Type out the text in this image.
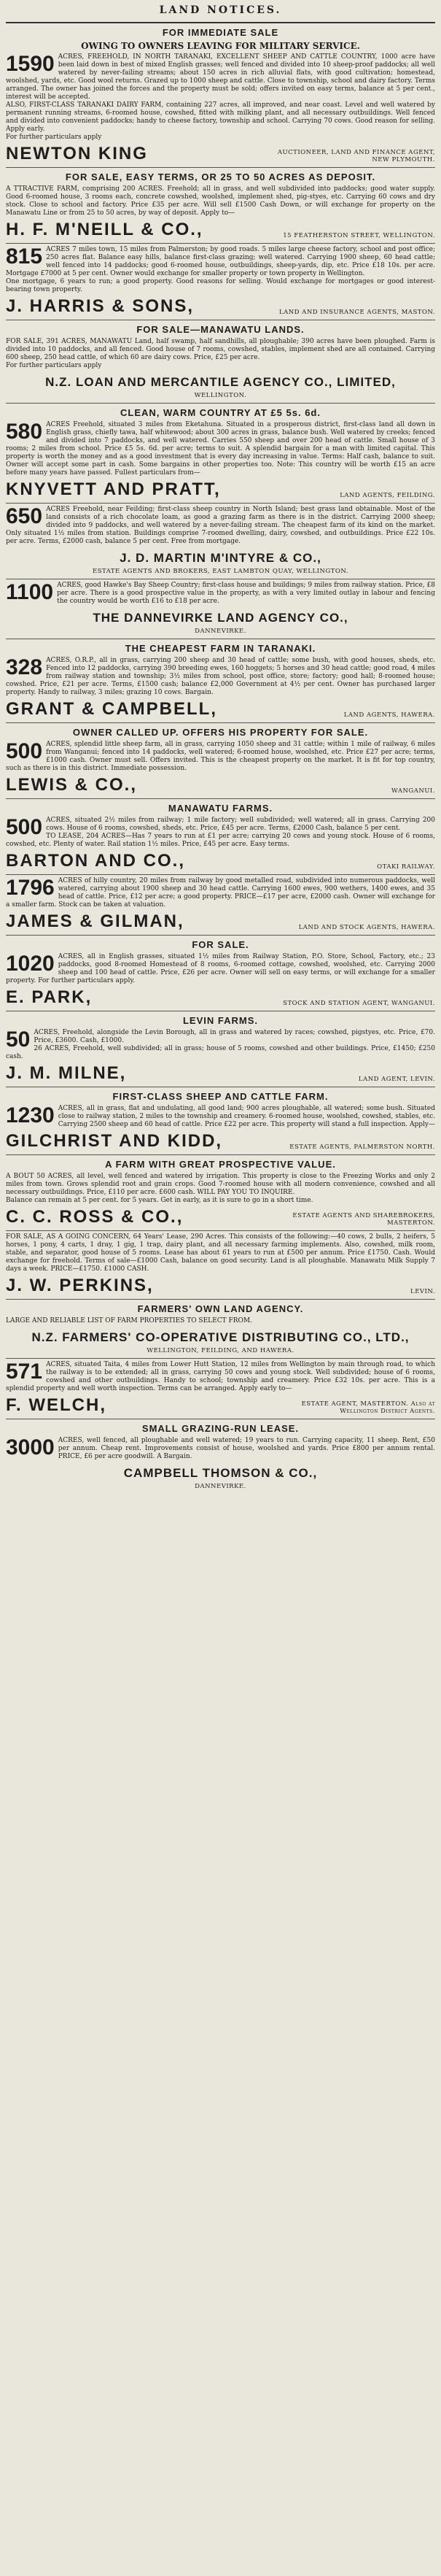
LAND NOTICES.
FOR IMMEDIATE SALE
OWING TO OWNERS LEAVING FOR MILITARY SERVICE.
1590 ACRES, FREEHOLD, IN NORTH TARANAKI, EXCELLENT SHEEP AND CATTLE COUNTRY, 1000 acre have been laid down in best of mixed English grasses; well fenced and divided into 10 sheep-proof paddocks; all well watered by never-failing streams; about 150 acres in rich alluvial flats, with good cultivation; homestead, woolshed, yards, etc. Good wool returns. Grazed up to 1000 sheep and cattle. Close to township, school and dairy factory. Terms arranged. The owner has joined the forces and the property must be sold; offers invited on easy terms, balance at 5 per cent., interest will be accepted.
ALSO, FIRST-CLASS TARANAKI DAIRY FARM, containing 227 acres, all improved, and near coast. Level and well watered by permanent running streams, 6-roomed house, cowshed, fitted with milking plant, and all necessary outbuildings. Well fenced and divided into convenient paddocks; handy to cheese factory, township and school. Carrying 70 cows. Good reason for selling. Apply early.
For further particulars apply
NEWTON KING	AUCTIONEER, LAND AND FINANCE AGENT, NEW PLYMOUTH.
FOR SALE, EASY TERMS, OR 25 TO 50 ACRES AS DEPOSIT.
A TTRACTIVE FARM, comprising 200 ACRES. Freehold; all in grass, and well subdivided into paddocks; good water supply. Good 6-roomed house, 3 rooms each, concrete cowshed, woolshed, implement shed, pig-styes, etc. Carrying 60 cows and dry stock. Close to school and factory. Price £35 per acre. Will sell £1500 Cash Down, or will exchange for property on the Manawatu Line or from 25 to 50 acres, by way of deposit. Apply to—
H. F. M'NEILL & CO.,	15 FEATHERSTON STREET, WELLINGTON.
815 ACRES 7 miles town, 15 miles from Palmerston; by good roads. 5 miles large cheese factory, school and post office; 250 acres flat. Balance easy hills, balance first-class grazing; well watered. Carrying 1900 sheep, 60 head cattle; well fenced into 14 paddocks; good 6-roomed house, outbuildings, sheep-yards, dip, etc. Price £18 10s. per acre. Mortgage £7000 at 5 per cent. Owner would exchange for smaller property or town property in Wellington.
One mortgage, 6 years to run; a good property. Good reasons for selling. Would exchange for mortgages or good interest-bearing town property.
J. HARRIS & SONS,	LAND AND INSURANCE AGENTS, MASTON.
FOR SALE—MANAWATU LANDS.
FOR SALE, 391 ACRES, MANAWATU Land, half swamp, half sandhills, all ploughable; 390 acres have been ploughed. Farm is divided into 10 paddocks, and all fenced. Good house of 7 rooms, cowshed, stables, implement shed are all contained. Carrying 600 sheep, 250 head cattle, of which 60 are dairy cows. Price, £25 per acre.
For further particulars apply
N.Z. LOAN AND MERCANTILE AGENCY CO., LIMITED,
WELLINGTON.
CLEAN, WARM COUNTRY AT £5 5s. 6d.
580 ACRES Freehold, situated 3 miles from Eketahuna. Situated in a prosperous district, first-class land all down in English grass, chiefly tawa, half whitewood; about 300 acres in grass, balance bush. Well watered by creeks; fenced and divided into 7 paddocks, and well watered. Carries 550 sheep and over 200 head of cattle. Small house of 3 rooms; 2 miles from school. Price £5 5s. 6d. per acre; terms to suit. A splendid bargain for a man with limited capital. This property is worth the money and as a good investment that is every day increasing in value. Terms: Half cash, balance to suit. Owner will accept some part in cash. Some bargains in other properties too. Note: This country will be worth £15 an acre before many years have passed. Fullest particulars from—
KNYVETT AND PRATT,	LAND AGENTS, FEILDING.
650 ACRES Freehold, near Feilding; first-class sheep country in North Island; best grass land obtainable. Most of the land consists of a rich chocolate loam, as good a grazing farm as there is in the district. Carrying 2000 sheep; divided into 9 paddocks, and well watered by a never-failing stream. The cheapest farm of its kind on the market. Only situated 1½ miles from station. Buildings comprise 7-roomed dwelling, dairy, cowshed, and outbuildings. Price £22 10s. per acre. Terms, £2000 cash, balance 5 per cent. Free from mortgage.
J. D. MARTIN M'INTYRE & CO.,
ESTATE AGENTS AND BROKERS, EAST LAMBTON QUAY, WELLINGTON.
1100 ACRES, good Hawke's Bay Sheep Country; first-class house and buildings; 9 miles from railway station. Price, £8 per acre. There is a good prospective value in the property, as with a very limited outlay in labour and fencing the country would be worth £16 to £18 per acre.
THE DANNEVIRKE LAND AGENCY CO.,
DANNEVIRKE.
THE CHEAPEST FARM IN TARANAKI.
328 ACRES, O.R.P., all in grass, carrying 200 sheep and 30 head of cattle; some bush, with good houses, sheds, etc. Fenced into 12 paddocks, carrying 390 breeding ewes, 160 hoggets; 5 horses and 30 head cattle; good road, 4 miles from railway station and township; 3½ miles from school, post office, store; factory; good hall; 8-roomed house; cowshed. Price, £21 per acre. Terms, £1500 cash; balance £2,000 Government at 4½ per cent. Owner has purchased larger property. Handy to railway, 3 miles; grazing 10 cows. Bargain.
GRANT & CAMPBELL,	LAND AGENTS, HAWERA.
OWNER CALLED UP. OFFERS HIS PROPERTY FOR SALE.
500 ACRES, splendid little sheep farm, all in grass, carrying 1050 sheep and 31 cattle; within 1 mile of railway, 6 miles from Wanganui; fenced into 14 paddocks, well watered; 6-roomed house, woolshed, etc. Price £27 per acre; terms, £1000 cash. Owner must sell. Offers invited. This is the cheapest property on the market. It is fit for top country, such as there is in this district. Immediate possession.
LEWIS & CO.,	WANGANUI.
MANAWATU FARMS.
500 ACRES, situated 2½ miles from railway; 1 mile factory; well subdivided; well watered; all in grass. Carrying 200 cows. House of 6 rooms, cowshed, sheds, etc. Price, £45 per acre. Terms, £2000 Cash, balance 5 per cent.
TO LEASE, 204 ACRES—Has 7 years to run at £1 per acre; carrying 20 cows and young stock. House of 6 rooms, cowshed, etc. Plenty of water. Rail station 1½ miles. Price, £45 per acre. Easy terms.
BARTON AND CO.,	OTAKI RAILWAY.
1796 ACRES of hilly country, 20 miles from railway by good metalled road, subdivided into numerous paddocks, well watered, carrying about 1900 sheep and 30 head cattle. Carrying 1600 ewes, 900 wethers, 1400 ewes, and 35 head of cattle. Price, £12 per acre; a good property. PRICE—£17 per acre, £2000 cash. Owner will exchange for a smaller farm. Stock can be taken at valuation.
JAMES & GILMAN,	LAND AND STOCK AGENTS, HAWERA.
FOR SALE.
1020 ACRES, all in English grasses, situated 1½ miles from Railway Station, P.O. Store, School, Factory, etc.; 23 paddocks, good 8-roomed Homestead of 8 rooms, 6-roomed cottage, cowshed, woolshed, etc. Carrying 2000 sheep and 100 head of cattle. Price, £26 per acre. Owner will sell on easy terms, or will exchange for a smaller property. For further particulars apply.
E. PARK,	STOCK AND STATION AGENT, WANGANUI.
LEVIN FARMS.
50 ACRES, Freehold, alongside the Levin Borough, all in grass and watered by races; cowshed, pigstyes, etc. Price, £70. Price, £3600. Cash, £1000.
26 ACRES, Freehold, well subdivided; all in grass; house of 5 rooms, cowshed and other buildings. Price, £1450; £250 cash.
J. M. MILNE,	LAND AGENT, LEVIN.
FIRST-CLASS SHEEP AND CATTLE FARM.
1230 ACRES, all in grass, flat and undulating, all good land; 900 acres ploughable, all watered; some bush. Situated close to railway station, 2 miles to the township and creamery. 6-roomed house, woolshed, cowshed, stables, etc. Carrying 2500 sheep and 60 head of cattle. Price £22 per acre. This property will stand a full inspection. Apply—
GILCHRIST AND KIDD,	ESTATE AGENTS, PALMERSTON NORTH.
A FARM WITH GREAT PROSPECTIVE VALUE.
A BOUT 50 ACRES, all level, well fenced and watered by irrigation. This property is close to the Freezing Works and only 2 miles from town. Grows splendid root and grain crops. Good 7-roomed house with all modern convenience, cowshed and all necessary outbuildings. Price, £110 per acre. £600 cash. WILL PAY YOU TO INQUIRE.
Balance can remain at 5 per cent. for 5 years. Get in early, as it is sure to go in a short time.
C. C. ROSS & CO.,	ESTATE AGENTS AND SHAREBROKERS, MASTERTON.
FOR SALE, AS A GOING CONCERN, 64 Years' Lease, 290 Acres. This consists of the following:—40 cows, 2 bulls, 2 heifers, 5 horses, 1 pony, 4 carts, 1 dray, 1 gig, 1 trap, dairy plant, and all necessary farming implements. Also, cowshed, milk room, stable, and separator, good house of 5 rooms. Lease has about 61 years to run at £500 per annum. Price £1750. Cash. Would exchange for freehold. Terms of sale—£1000 Cash, balance on good security. Land is all ploughable. Manawatu Milk Supply 7 days a week. PRICE—£1750. £1000 CASH.
J. W. PERKINS,	LEVIN.
FARMERS' OWN LAND AGENCY.
LARGE AND RELIABLE LIST OF FARM PROPERTIES TO SELECT FROM.
N.Z. FARMERS' CO-OPERATIVE DISTRIBUTING CO., LTD.,
WELLINGTON, FEILDING, AND HAWERA.
571 ACRES, situated Taita, 4 miles from Lower Hutt Station, 12 miles from Wellington by main through road, to which the railway is to be extended; all in grass, carrying 50 cows and young stock. Well subdivided; house of 6 rooms, cowshed and other outbuildings. Handy to school; township and creamery. Price £32 10s. per acre. This is a splendid property and well worth inspection. Terms can be arranged. Apply early to—
F. WELCH,	ESTATE AGENT, MASTERTON. Also at Wellington District Agents.
SMALL GRAZING-RUN LEASE.
3000 ACRES, well fenced, all ploughable and well watered; 19 years to run. Carrying capacity, 11 sheep. Rent, £50 per annum. Cheap rent. Improvements consist of house, woolshed and yards. Price £800 per annum rental. PRICE, £6 per acre goodwill. A Bargain.
CAMPBELL THOMSON & CO.,
DANNEVIRKE.
